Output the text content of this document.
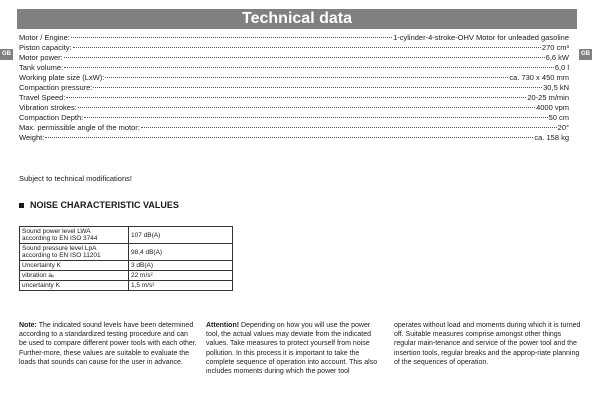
Technical data
GB	GB
Motor / Engine:	1-cylinder-4-stroke-OHV Motor for unleaded gasoline
Piston capacity:	270 cm³
Motor power:	6,6 kW
Tank volume:	6,0 l
Working plate size (LxW):	ca. 730 x 450 mm
Compaction pressure:	30,5 kN
Travel Speed:	20-25 m/min
Vibration strokes:	4000 vpm
Compaction Depth:	50 cm
Max. permissible angle of the motor:	20°
Weight:	ca. 158 kg
Subject to technical modifications!
NOISE CHARACTERISTIC VALUES
Sound power level LWA
according to EN ISO 3744	107 dB(A)
Sound pressure level LpA
according to EN ISO 11201	98,4 dB(A)
Uncertainty K	3 dB(A)
vibration aᵥ	22 m/s²
uncertainty K	1,5 m/s²
Note: The indicated sound levels have been determined according to a standardized testing procedure and can be used to compare different power tools with each other. Further-more, these values are suitable to evaluate the loads that sounds can cause for the user in advance.
Attention! Depending on how you will use the power tool, the actual values may deviate from the indicated values. Take measures to protect yourself from noise pollution. In this process it is important to take the complete sequence of operation into account. This also includes moments during which the power tool
operates without load and moments during which it is turned off. Suitable measures comprise amongst other things regular main-tenance and service of the power tool and the insertion tools, regular breaks and the approp-riate planning of the sequences of operation.
